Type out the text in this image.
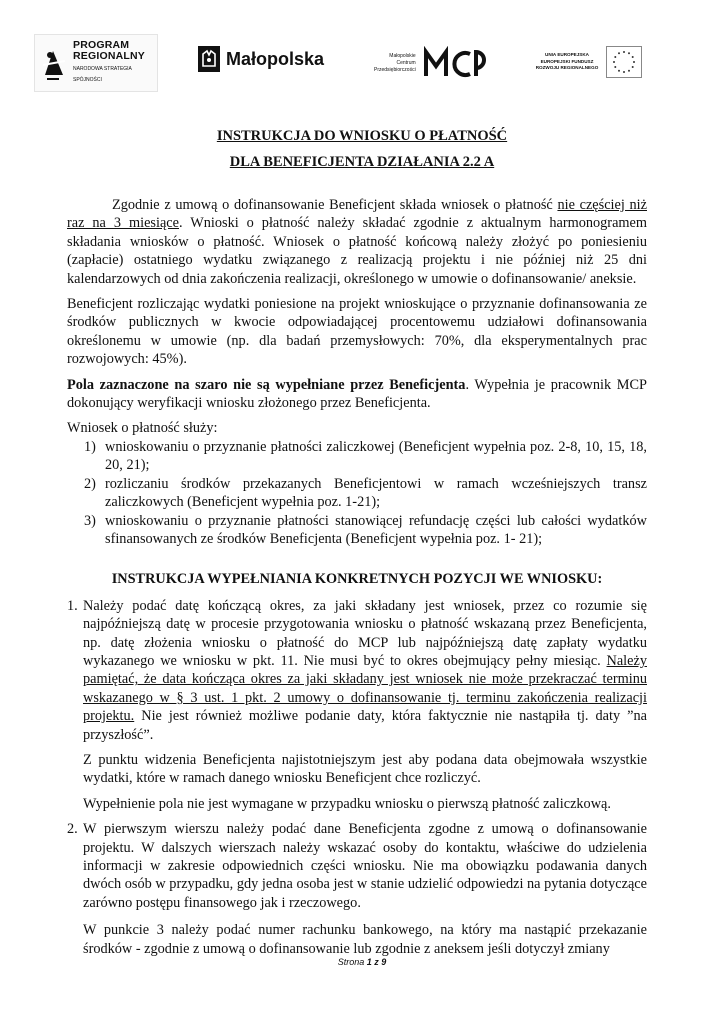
PROGRAM
REGIONALNY
NARODOWA STRATEGIA SPÓJNOŚCI
Małopolska	Małopolskie
Centrum
Przedsiębiorczości
UNIA EUROPEJSKA
EUROPEJSKI FUNDUSZ
ROZWOJU REGIONALNEGO
INSTRUKCJA DO WNIOSKU O PŁATNOŚĆ
DLA BENEFICJENTA DZIAŁANIA 2.2 A

Zgodnie z umową o dofinansowanie Beneficjent składa wniosek o płatność nie częściej niż raz na 3 miesiące. Wnioski o płatność należy składać zgodnie z aktualnym harmonogramem składania wniosków o płatność. Wniosek o płatność końcową należy złożyć po poniesieniu (zapłacie) ostatniego wydatku związanego z realizacją projektu i nie później niż 25 dni kalendarzowych od dnia zakończenia realizacji, określonego w umowie o dofinansowanie/ aneksie.

Beneficjent rozliczając wydatki poniesione na projekt wnioskujące o przyznanie dofinansowania ze środków publicznych w kwocie odpowiadającej procentowemu udziałowi dofinansowania określonemu w umowie (np. dla badań przemysłowych: 70%, dla eksperymentalnych prac rozwojowych: 45%).

Pola zaznaczone na szaro nie są wypełniane przez Beneficjenta. Wypełnia je pracownik MCP dokonujący weryfikacji wniosku złożonego przez Beneficjenta.

Wniosek o płatność służy:

1) wnioskowaniu o przyznanie płatności zaliczkowej (Beneficjent wypełnia poz. 2-8, 10, 15, 18, 20, 21);
2) rozliczaniu środków przekazanych Beneficjentowi w ramach wcześniejszych transz zaliczkowych (Beneficjent wypełnia poz. 1-21);
3) wnioskowaniu o przyznanie płatności stanowiącej refundację części lub całości wydatków sfinansowanych ze środków Beneficjenta (Beneficjent wypełnia poz. 1- 21);
INSTRUKCJA WYPEŁNIANIA KONKRETNYCH POZYCJI WE WNIOSKU:
1. Należy podać datę kończącą okres, za jaki składany jest wniosek, przez co rozumie się najpóźniejszą datę w procesie przygotowania wniosku o płatność wskazaną przez Beneficjenta, np. datę złożenia wniosku o płatność do MCP lub najpóźniejszą datę zapłaty wydatku wykazanego we wniosku w pkt. 11. Nie musi być to okres obejmujący pełny miesiąc. Należy pamiętać, że data kończąca okres za jaki składany jest wniosek nie może przekraczać terminu wskazanego w § 3 ust. 1 pkt. 2 umowy o dofinansowanie tj. terminu zakończenia realizacji projektu. Nie jest również możliwe podanie daty, która faktycznie nie nastąpiła tj. daty ”na przyszłość”.

Z punktu widzenia Beneficjenta najistotniejszym jest aby podana data obejmowała wszystkie wydatki, które w ramach danego wniosku Beneficjent chce rozliczyć.

Wypełnienie pola nie jest wymagane w przypadku wniosku o pierwszą płatność zaliczkową.

2. W pierwszym wierszu należy podać dane Beneficjenta zgodne z umową o dofinansowanie projektu. W dalszych wierszach należy wskazać osoby do kontaktu, właściwe do udzielenia informacji w zakresie odpowiednich części wniosku. Nie ma obowiązku podawania danych dwóch osób w przypadku, gdy jedna osoba jest w stanie udzielić odpowiedzi na pytania dotyczące zarówno postępu finansowego jak i rzeczowego.

W punkcie 3 należy podać numer rachunku bankowego, na który ma nastąpić przekazanie środków - zgodnie z umową o dofinansowanie lub zgodnie z aneksem jeśli dotyczył zmiany

Strona 1 z 9
